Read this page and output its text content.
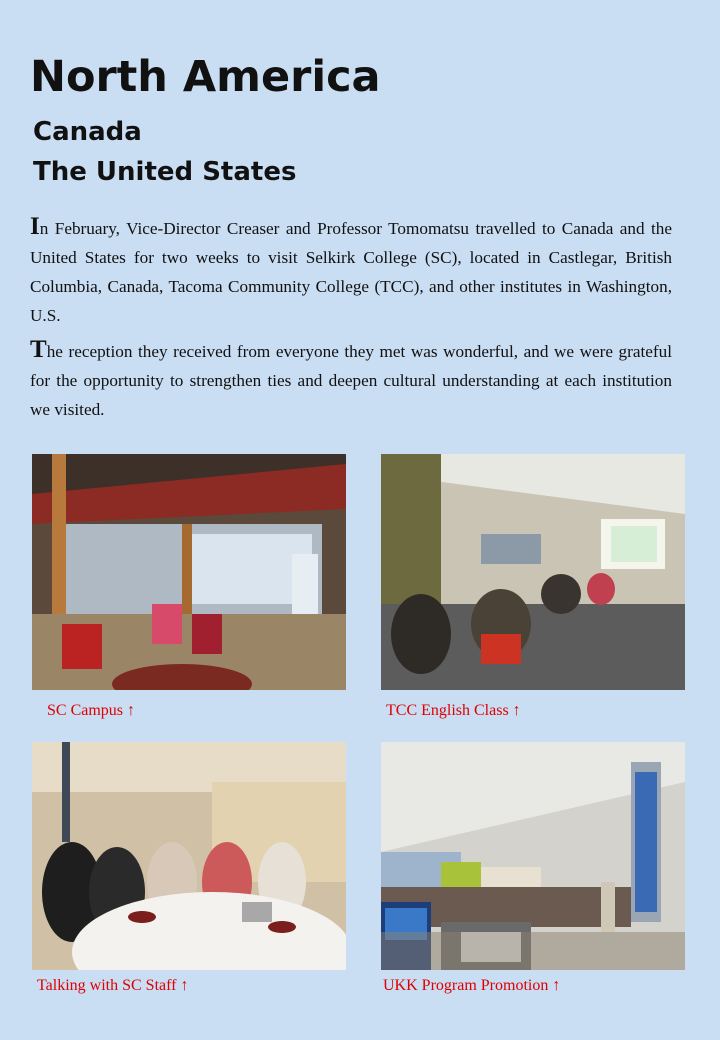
North America
Canada
The United States

In February, Vice-Director Creaser and Professor Tomomatsu travelled to Canada and the United States for two weeks to visit Selkirk College (SC), located in Castlegar, British Columbia, Canada, Tacoma Community College (TCC), and other institutes in Washington, U.S.

The reception they received from everyone they met was wonderful, and we were grateful for the opportunity to strengthen ties and deepen cultural understanding at each institution we visited.

SC Campus ↑	TCC English Class ↑
Talking with SC Staff ↑	UKK Program Promotion ↑
